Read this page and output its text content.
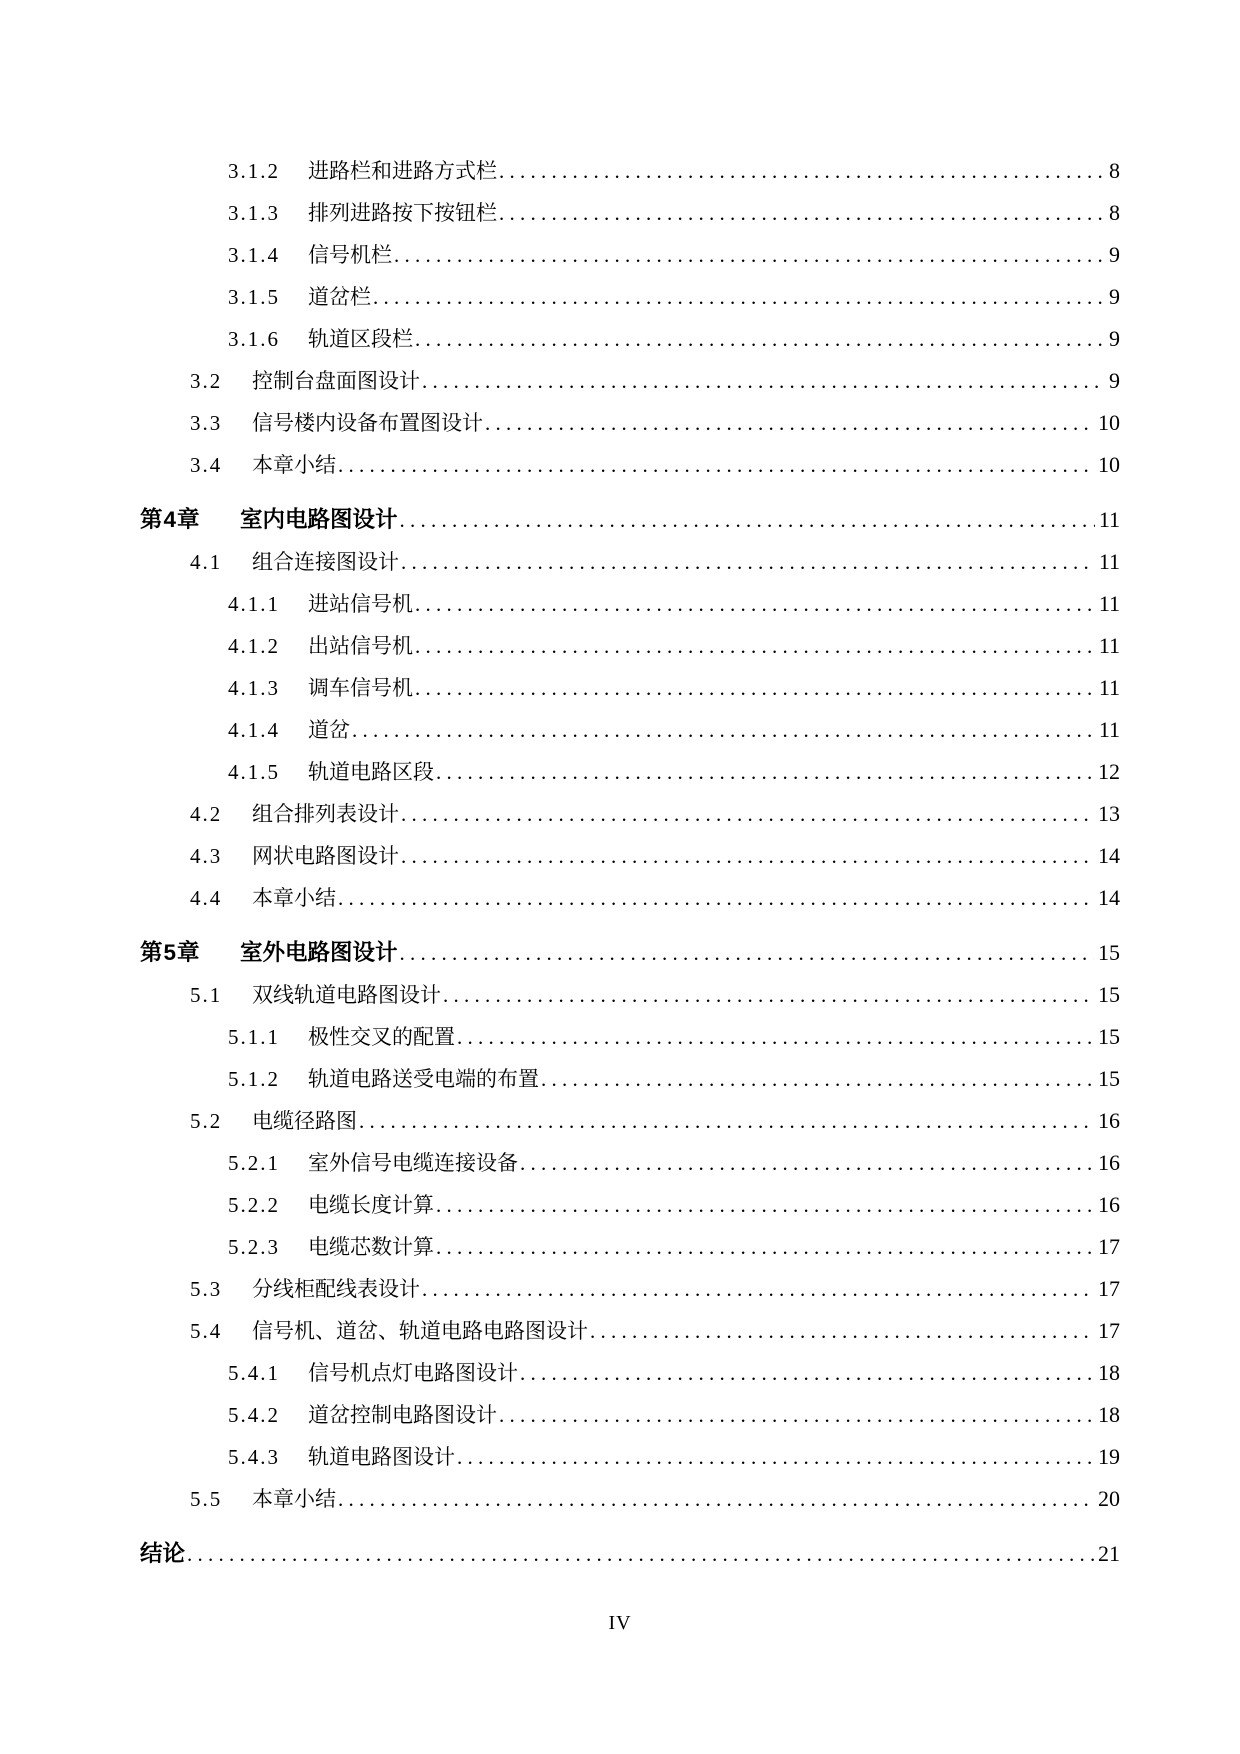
3.1.2	进路栏和进路方式栏 . . .	8
3.1.3	排列进路按下按钮栏 . . .	8
3.1.4	信号机栏 . . .	9
3.1.5	道岔栏 . . .	9
3.1.6	轨道区段栏 . . .	9
3.2	控制台盘面图设计 . . .	9
3.3	信号楼内设备布置图设计 . . .	10
3.4	本章小结 . . .	10
第4章	室内电路图设计 . . .	11
4.1	组合连接图设计 . . .	11
4.1.1	进站信号机 . . .	11
4.1.2	出站信号机 . . .	11
4.1.3	调车信号机 . . .	11
4.1.4	道岔 . . .	11
4.1.5	轨道电路区段 . . .	12
4.2	组合排列表设计 . . .	13
4.3	网状电路图设计 . . .	14
4.4	本章小结 . . .	14
第5章	室外电路图设计 . . .	15
5.1	双线轨道电路图设计 . . .	15
5.1.1	极性交叉的配置 . . .	15
5.1.2	轨道电路送受电端的布置 . . .	15
5.2	电缆径路图 . . .	16
5.2.1	室外信号电缆连接设备 . . .	16
5.2.2	电缆长度计算 . . .	16
5.2.3	电缆芯数计算 . . .	17
5.3	分线柜配线表设计 . . .	17
5.4	信号机、道岔、轨道电路电路图设计 . . .	17
5.4.1	信号机点灯电路图设计 . . .	18
5.4.2	道岔控制电路图设计 . . .	18
5.4.3	轨道电路图设计 . . .	19
5.5	本章小结 . . .	20
结论 . . .	21
IV
